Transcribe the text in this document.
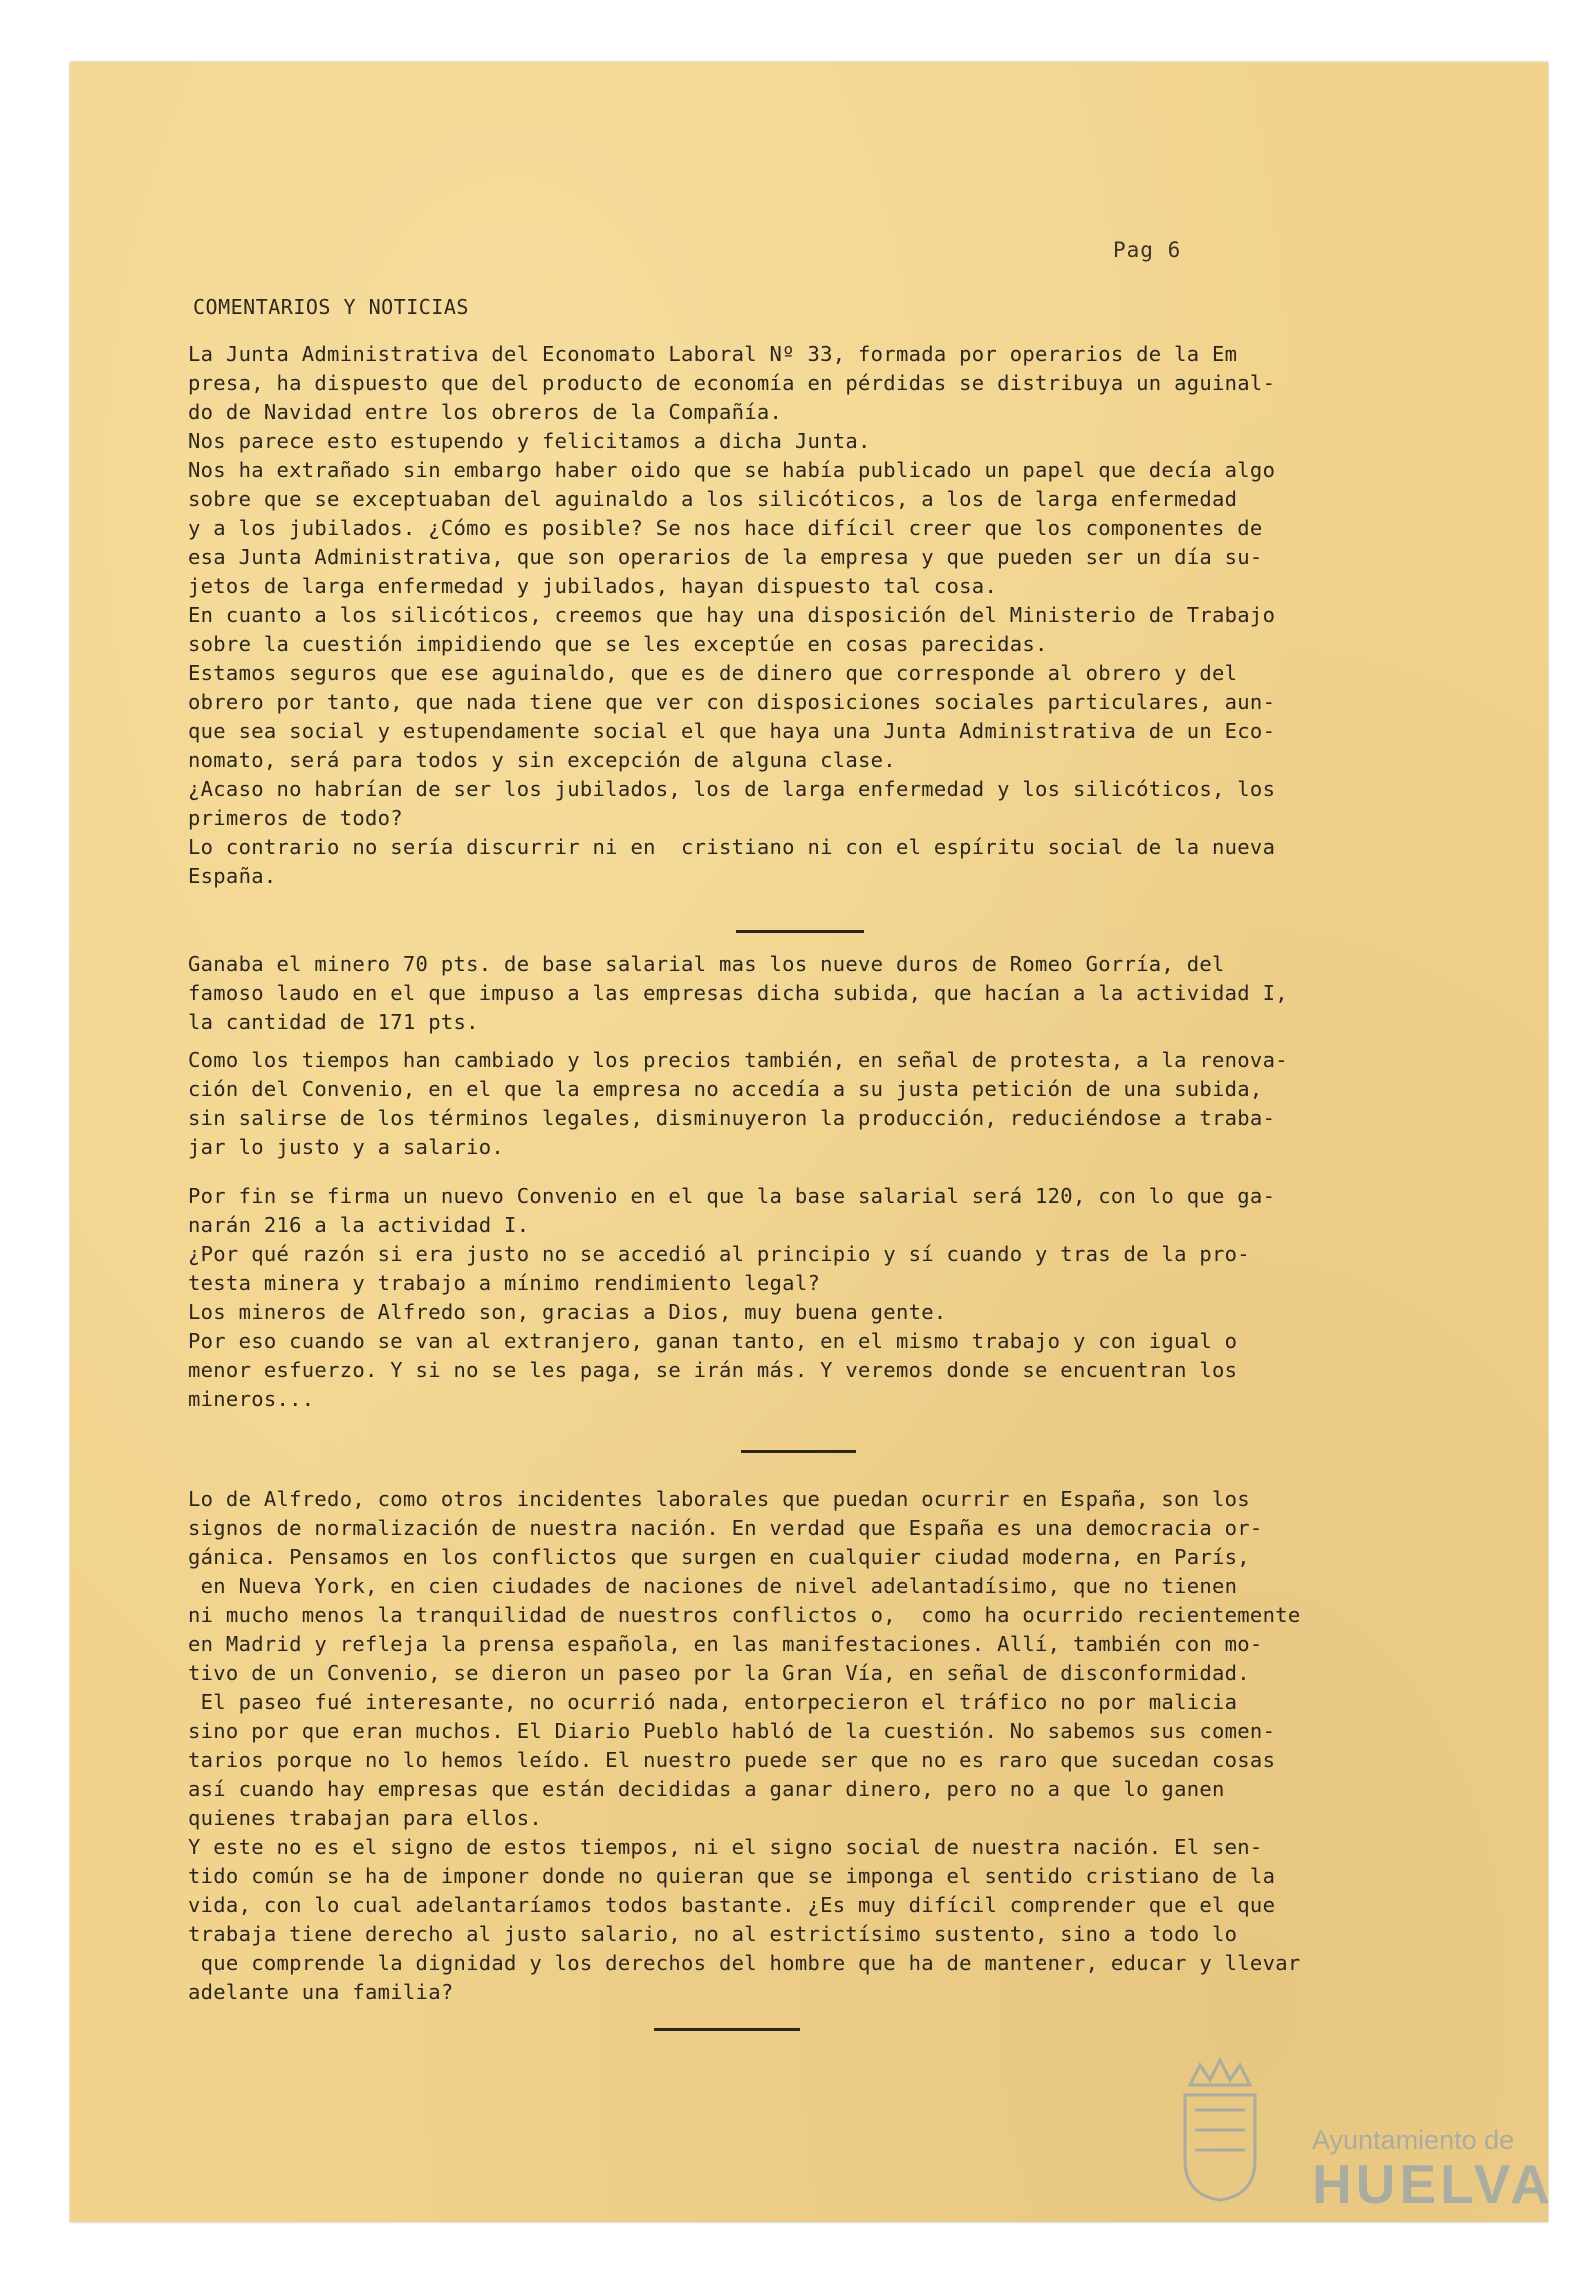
Pag 6
COMENTARIOS Y NOTICIAS
La Junta Administrativa del Economato Laboral Nº 33, formada por operarios de la Em
presa, ha dispuesto que del producto de economía en pérdidas se distribuya un aguinal-
do de Navidad entre los obreros de la Compañía.
Nos parece esto estupendo y felicitamos a dicha Junta.
Nos ha extrañado sin embargo haber oido que se había publicado un papel que decía algo
sobre que se exceptuaban del aguinaldo a los silicóticos, a los de larga enfermedad
y a los jubilados. ¿Cómo es posible? Se nos hace difícil creer que los componentes de
esa Junta Administrativa, que son operarios de la empresa y que pueden ser un día su-
jetos de larga enfermedad y jubilados, hayan dispuesto tal cosa.
En cuanto a los silicóticos, creemos que hay una disposición del Ministerio de Trabajo
sobre la cuestión impidiendo que se les exceptúe en cosas parecidas.
Estamos seguros que ese aguinaldo, que es de dinero que corresponde al obrero y del
obrero por tanto, que nada tiene que ver con disposiciones sociales particulares, aun-
que sea social y estupendamente social el que haya una Junta Administrativa de un Eco-
nomato, será para todos y sin excepción de alguna clase.
¿Acaso no habrían de ser los jubilados, los de larga enfermedad y los silicóticos, los
primeros de todo?
Lo contrario no sería discurrir ni en  cristiano ni con el espíritu social de la nueva
España.
Ganaba el minero 70 pts. de base salarial mas los nueve duros de Romeo Gorría, del
famoso laudo en el que impuso a las empresas dicha subida, que hacían a la actividad I,
la cantidad de 171 pts.
Como los tiempos han cambiado y los precios también, en señal de protesta, a la renova-
ción del Convenio, en el que la empresa no accedía a su justa petición de una subida,
sin salirse de los términos legales, disminuyeron la producción, reduciéndose a traba-
jar lo justo y a salario.
Por fin se firma un nuevo Convenio en el que la base salarial será 120, con lo que ga-
narán 216 a la actividad I.
¿Por qué razón si era justo no se accedió al principio y sí cuando y tras de la pro-
testa minera y trabajo a mínimo rendimiento legal?
Los mineros de Alfredo son, gracias a Dios, muy buena gente.
Por eso cuando se van al extranjero, ganan tanto, en el mismo trabajo y con igual o
menor esfuerzo. Y si no se les paga, se irán más. Y veremos donde se encuentran los
mineros...
Lo de Alfredo, como otros incidentes laborales que puedan ocurrir en España, son los
signos de normalización de nuestra nación. En verdad que España es una democracia or-
gánica. Pensamos en los conflictos que surgen en cualquier ciudad moderna, en París,
en Nueva York, en cien ciudades de naciones de nivel adelantadísimo, que no tienen
ni mucho menos la tranquilidad de nuestros conflictos o,  como ha ocurrido recientemente
en Madrid y refleja la prensa española, en las manifestaciones. Allí, también con mo-
tivo de un Convenio, se dieron un paseo por la Gran Vía, en señal de disconformidad.
El paseo fué interesante, no ocurrió nada, entorpecieron el tráfico no por malicia
sino por que eran muchos. El Diario Pueblo habló de la cuestión. No sabemos sus comen-
tarios porque no lo hemos leído. El nuestro puede ser que no es raro que sucedan cosas
así cuando hay empresas que están decididas a ganar dinero, pero no a que lo ganen
quienes trabajan para ellos.
Y este no es el signo de estos tiempos, ni el signo social de nuestra nación. El sen-
tido común se ha de imponer donde no quieran que se imponga el sentido cristiano de la
vida, con lo cual adelantaríamos todos bastante. ¿Es muy difícil comprender que el que
trabaja tiene derecho al justo salario, no al estrictísimo sustento, sino a todo lo
que comprende la dignidad y los derechos del hombre que ha de mantener, educar y llevar
adelante una familia?
Ayuntamiento de
HUELVA
